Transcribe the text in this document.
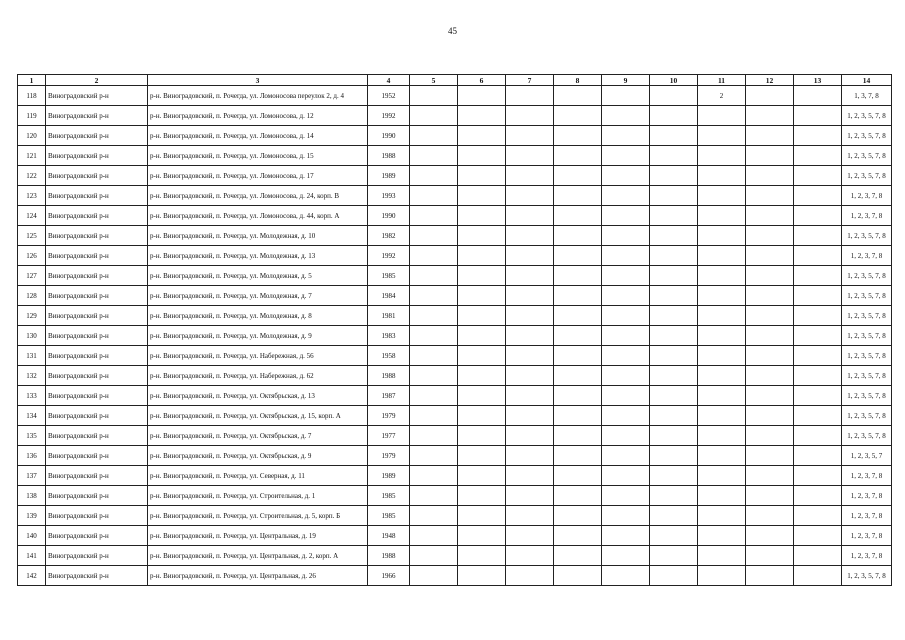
45
1	2	3	4	5	6	7	8	9	10	11	12	13	14
118	Виноградовский р-н	р-н. Виноградовский, п. Рочегда, ул. Ломоносова переулок 2, д. 4	1952							2			1, 3, 7, 8
119	Виноградовский р-н	р-н. Виноградовский, п. Рочегда, ул. Ломоносова, д. 12	1992										1, 2, 3, 5, 7, 8
120	Виноградовский р-н	р-н. Виноградовский, п. Рочегда, ул. Ломоносова, д. 14	1990										1, 2, 3, 5, 7, 8
121	Виноградовский р-н	р-н. Виноградовский, п. Рочегда, ул. Ломоносова, д. 15	1988										1, 2, 3, 5, 7, 8
122	Виноградовский р-н	р-н. Виноградовский, п. Рочегда, ул. Ломоносова, д. 17	1989										1, 2, 3, 5, 7, 8
123	Виноградовский р-н	р-н. Виноградовский, п. Рочегда, ул. Ломоносова, д. 24, корп. В	1993										1, 2, 3, 7, 8
124	Виноградовский р-н	р-н. Виноградовский, п. Рочегда, ул. Ломоносова, д. 44, корп. А	1990										1, 2, 3, 7, 8
125	Виноградовский р-н	р-н. Виноградовский, п. Рочегда, ул. Молодежная, д. 10	1982										1, 2, 3, 5, 7, 8
126	Виноградовский р-н	р-н. Виноградовский, п. Рочегда, ул. Молодежная, д. 13	1992										1, 2, 3, 7, 8
127	Виноградовский р-н	р-н. Виноградовский, п. Рочегда, ул. Молодежная, д. 5	1985										1, 2, 3, 5, 7, 8
128	Виноградовский р-н	р-н. Виноградовский, п. Рочегда, ул. Молодежная, д. 7	1984										1, 2, 3, 5, 7, 8
129	Виноградовский р-н	р-н. Виноградовский, п. Рочегда, ул. Молодежная, д. 8	1981										1, 2, 3, 5, 7, 8
130	Виноградовский р-н	р-н. Виноградовский, п. Рочегда, ул. Молодежная, д. 9	1983										1, 2, 3, 5, 7, 8
131	Виноградовский р-н	р-н. Виноградовский, п. Рочегда, ул. Набережная, д. 56	1958										1, 2, 3, 5, 7, 8
132	Виноградовский р-н	р-н. Виноградовский, п. Рочегда, ул. Набережная, д. 62	1988										1, 2, 3, 5, 7, 8
133	Виноградовский р-н	р-н. Виноградовский, п. Рочегда, ул. Октябрьская, д. 13	1987										1, 2, 3, 5, 7, 8
134	Виноградовский р-н	р-н. Виноградовский, п. Рочегда, ул. Октябрьская, д. 15, корп. А	1979										1, 2, 3, 5, 7, 8
135	Виноградовский р-н	р-н. Виноградовский, п. Рочегда, ул. Октябрьская, д. 7	1977										1, 2, 3, 5, 7, 8
136	Виноградовский р-н	р-н. Виноградовский, п. Рочегда, ул. Октябрьская, д. 9	1979										1, 2, 3, 5, 7
137	Виноградовский р-н	р-н. Виноградовский, п. Рочегда, ул. Северная, д. 11	1989										1, 2, 3, 7, 8
138	Виноградовский р-н	р-н. Виноградовский, п. Рочегда, ул. Строительная, д. 1	1985										1, 2, 3, 7, 8
139	Виноградовский р-н	р-н. Виноградовский, п. Рочегда, ул. Строительная, д. 5, корп. Б	1985										1, 2, 3, 7, 8
140	Виноградовский р-н	р-н. Виноградовский, п. Рочегда, ул. Центральная, д. 19	1948										1, 2, 3, 7, 8
141	Виноградовский р-н	р-н. Виноградовский, п. Рочегда, ул. Центральная, д. 2, корп. А	1988										1, 2, 3, 7, 8
142	Виноградовский р-н	р-н. Виноградовский, п. Рочегда, ул. Центральная, д. 26	1966										1, 2, 3, 5, 7, 8
